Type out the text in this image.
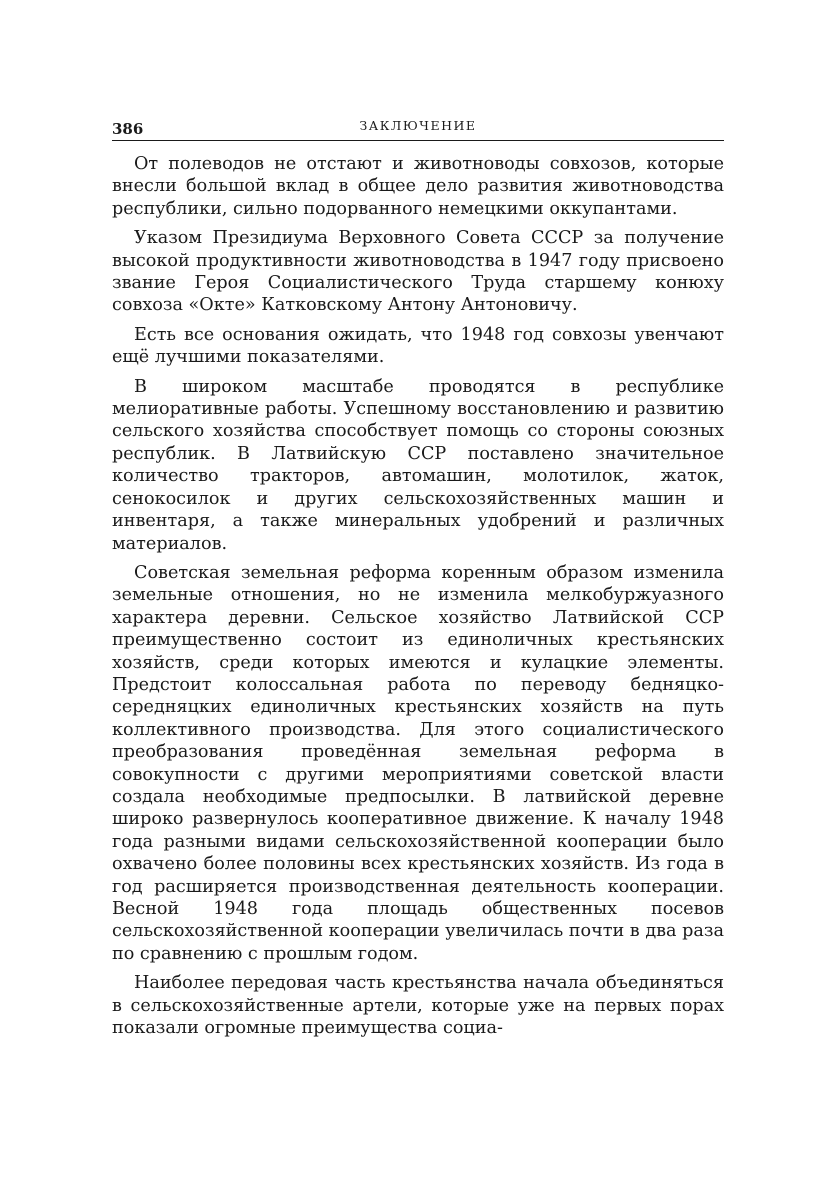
386	ЗАКЛЮЧЕНИЕ

От полеводов не отстают и животноводы совхозов, которые внесли большой вклад в общее дело развития животноводства республики, сильно подорванного немецкими оккупантами.

Указом Президиума Верховного Совета СССР за получение высокой продуктивности животноводства в 1947 году присвоено звание Героя Социалистического Труда старшему конюху совхоза «Окте» Катковскому Антону Антоновичу.

Есть все основания ожидать, что 1948 год совхозы увенчают ещё лучшими показателями.

В широком масштабе проводятся в республике мелиоративные работы. Успешному восстановлению и развитию сельского хозяйства способствует помощь со стороны союзных республик. В Латвийскую ССР поставлено значительное количество тракторов, автомашин, молотилок, жаток, сенокосилок и других сельскохозяйственных машин и инвентаря, а также минеральных удобрений и различных материалов.

Советская земельная реформа коренным образом изменила земельные отношения, но не изменила мелкобуржуазного характера деревни. Сельское хозяйство Латвийской ССР преимущественно состоит из единоличных крестьянских хозяйств, среди которых имеются и кулацкие элементы. Предстоит колоссальная работа по переводу бедняцко-середняцких единоличных крестьянских хозяйств на путь коллективного производства. Для этого социалистического преобразования проведённая земельная реформа в совокупности с другими мероприятиями советской власти создала необходимые предпосылки. В латвийской деревне широко развернулось кооперативное движение. К началу 1948 года разными видами сельскохозяйственной кооперации было охвачено более половины всех крестьянских хозяйств. Из года в год расширяется производственная деятельность кооперации. Весной 1948 года площадь общественных посевов сельскохозяйственной кооперации увеличилась почти в два раза по сравнению с прошлым годом.

Наиболее передовая часть крестьянства начала объединяться в сельскохозяйственные артели, которые уже на первых порах показали огромные преимущества социа-
